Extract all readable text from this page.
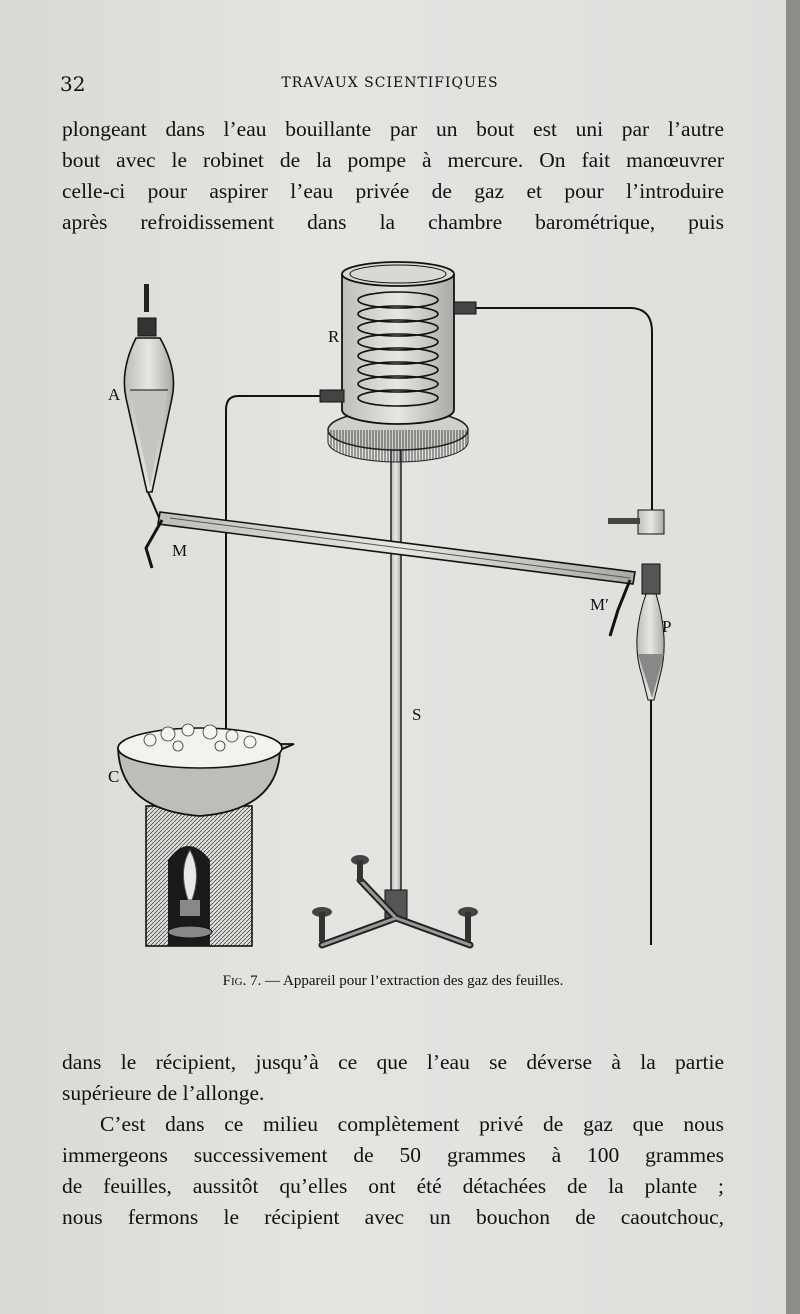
32	TRAVAUX SCIENTIFIQUES
plongeant dans l’eau bouillante par un bout est uni par l’autre
bout avec le robinet de la pompe à mercure. On fait manœuvrer
celle-ci pour aspirer l’eau privée de gaz et pour l’introduire
après refroidissement dans la chambre barométrique, puis
A
M
R
C
S
M′
P
Fig. 7. — Appareil pour l’extraction des gaz des feuilles.
dans le récipient, jusqu’à ce que l’eau se déverse à la partie
supérieure de l’allonge.
C’est dans ce milieu complètement privé de gaz que nous
immergeons successivement de 50 grammes à 100 grammes
de feuilles, aussitôt qu’elles ont été détachées de la plante ;
nous fermons le récipient avec un bouchon de caoutchouc,
